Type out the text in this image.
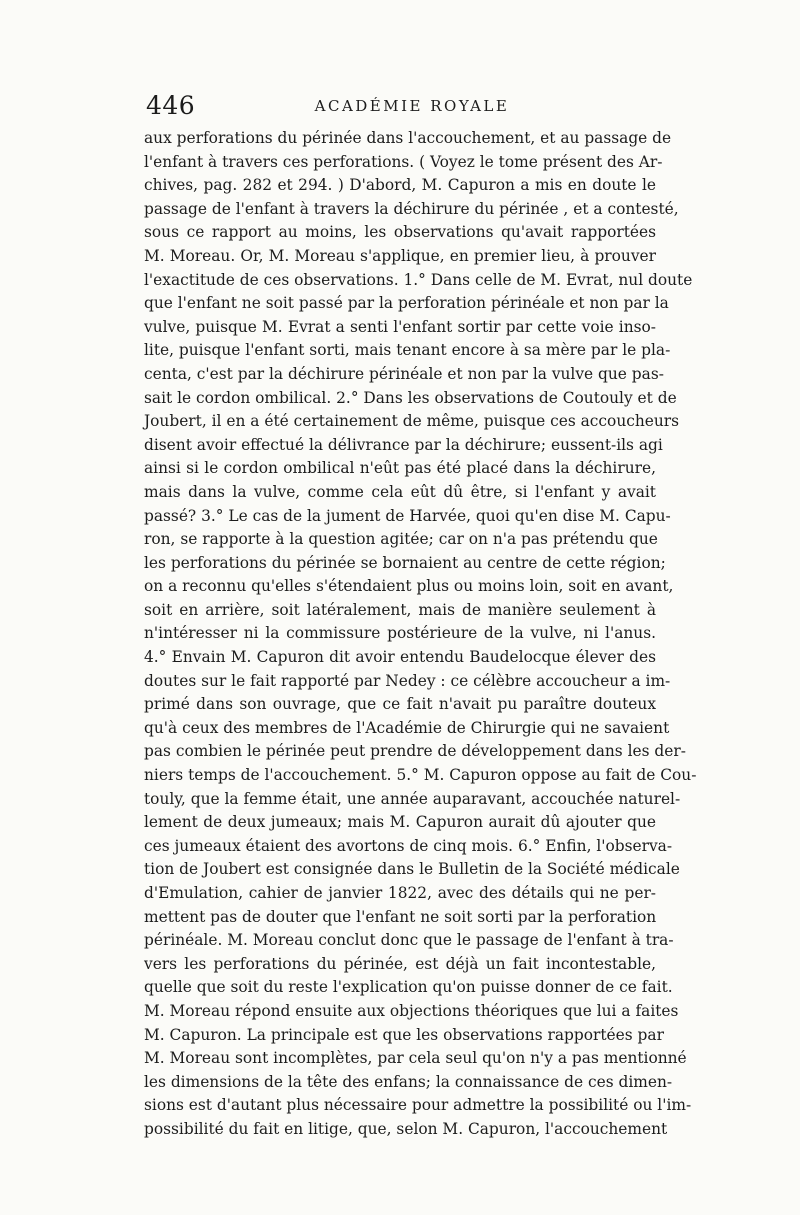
446	ACADÉMIE ROYALE

aux perforations du périnée dans l'accouchement, et au passage de
l'enfant à travers ces perforations. ( Voyez le tome présent des Ar-
chives, pag. 282 et 294. ) D'abord, M. Capuron a mis en doute le
passage de l'enfant à travers la déchirure du périnée , et a contesté,
sous ce rapport au moins, les observations qu'avait rapportées
M. Moreau. Or, M. Moreau s'applique, en premier lieu, à prouver
l'exactitude de ces observations. 1.° Dans celle de M. Evrat, nul doute
que l'enfant ne soit passé par la perforation périnéale et non par la
vulve, puisque M. Evrat a senti l'enfant sortir par cette voie inso-
lite, puisque l'enfant sorti, mais tenant encore à sa mère par le pla-
centa, c'est par la déchirure périnéale et non par la vulve que pas-
sait le cordon ombilical. 2.° Dans les observations de Coutouly et de
Joubert, il en a été certainement de même, puisque ces accoucheurs
disent avoir effectué la délivrance par la déchirure; eussent-ils agi
ainsi si le cordon ombilical n'eût pas été placé dans la déchirure,
mais dans la vulve, comme cela eût dû être, si l'enfant y avait
passé? 3.° Le cas de la jument de Harvée, quoi qu'en dise M. Capu-
ron, se rapporte à la question agitée; car on n'a pas prétendu que
les perforations du périnée se bornaient au centre de cette région;
on a reconnu qu'elles s'étendaient plus ou moins loin, soit en avant,
soit en arrière, soit latéralement, mais de manière seulement à
n'intéresser ni la commissure postérieure de la vulve, ni l'anus.
4.° Envain M. Capuron dit avoir entendu Baudelocque élever des
doutes sur le fait rapporté par Nedey : ce célèbre accoucheur a im-
primé dans son ouvrage, que ce fait n'avait pu paraître douteux
qu'à ceux des membres de l'Académie de Chirurgie qui ne savaient
pas combien le périnée peut prendre de développement dans les der-
niers temps de l'accouchement. 5.° M. Capuron oppose au fait de Cou-
touly, que la femme était, une année auparavant, accouchée naturel-
lement de deux jumeaux; mais M. Capuron aurait dû ajouter que
ces jumeaux étaient des avortons de cinq mois. 6.° Enfin, l'observa-
tion de Joubert est consignée dans le Bulletin de la Société médicale
d'Emulation, cahier de janvier 1822, avec des détails qui ne per-
mettent pas de douter que l'enfant ne soit sorti par la perforation
périnéale. M. Moreau conclut donc que le passage de l'enfant à tra-
vers les perforations du périnée, est déjà un fait incontestable,
quelle que soit du reste l'explication qu'on puisse donner de ce fait.
M. Moreau répond ensuite aux objections théoriques que lui a faites
M. Capuron. La principale est que les observations rapportées par
M. Moreau sont incomplètes, par cela seul qu'on n'y a pas mentionné
les dimensions de la tête des enfans; la connaissance de ces dimen-
sions est d'autant plus nécessaire pour admettre la possibilité ou l'im-
possibilité du fait en litige, que, selon M. Capuron, l'accouchement
